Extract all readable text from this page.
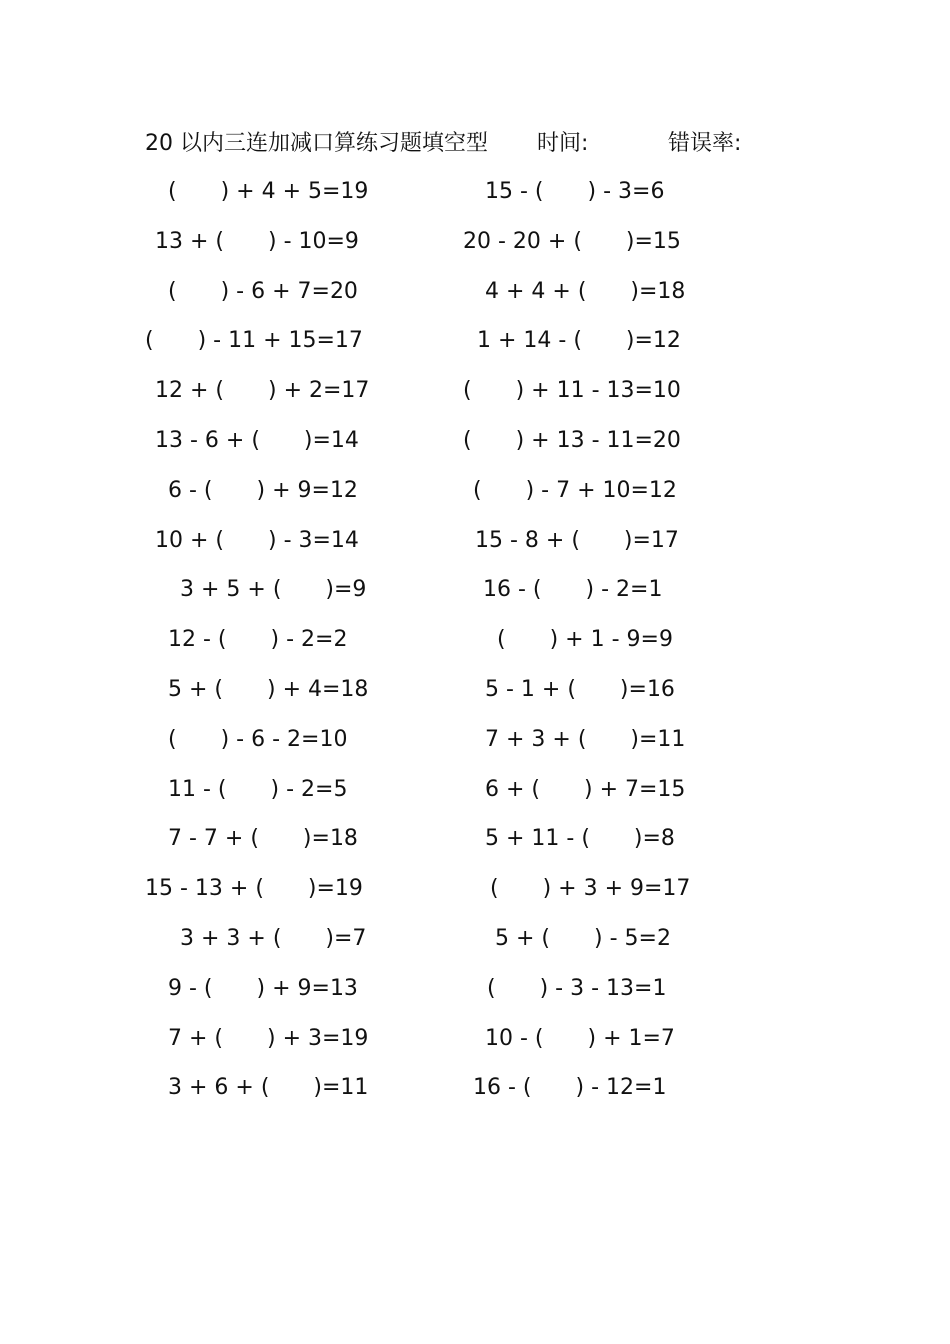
20 以内三连加减口算练习题填空型 时间:	错误率:
(　　) + 4 + 5=19
13 + (　　) - 10=9
(　　) - 6 + 7=20
(　　) - 11 + 15=17
12 + (　　) + 2=17
13 - 6 + (　　)=14
6 - (　　) + 9=12
10 + (　　) - 3=14
3 + 5 + (　　)=9
12 - (　　) - 2=2
5 + (　　) + 4=18
(　　) - 6 - 2=10
11 - (　　) - 2=5
7 - 7 + (　　)=18
15 - 13 + (　　)=19
3 + 3 + (　　)=7
9 - (　　) + 9=13
7 + (　　) + 3=19
3 + 6 + (　　)=11
15 - (　　) - 3=6
20 - 20 + (　　)=15
4 + 4 + (　　)=18
1 + 14 - (　　)=12
(　　) + 11 - 13=10
(　　) + 13 - 11=20
(　　) - 7 + 10=12
15 - 8 + (　　)=17
16 - (　　) - 2=1
(　　) + 1 - 9=9
5 - 1 + (　　)=16
7 + 3 + (　　)=11
6 + (　　) + 7=15
5 + 11 - (　　)=8
(　　) + 3 + 9=17
5 + (　　) - 5=2
(　　) - 3 - 13=1
10 - (　　) + 1=7
16 - (　　) - 12=1
